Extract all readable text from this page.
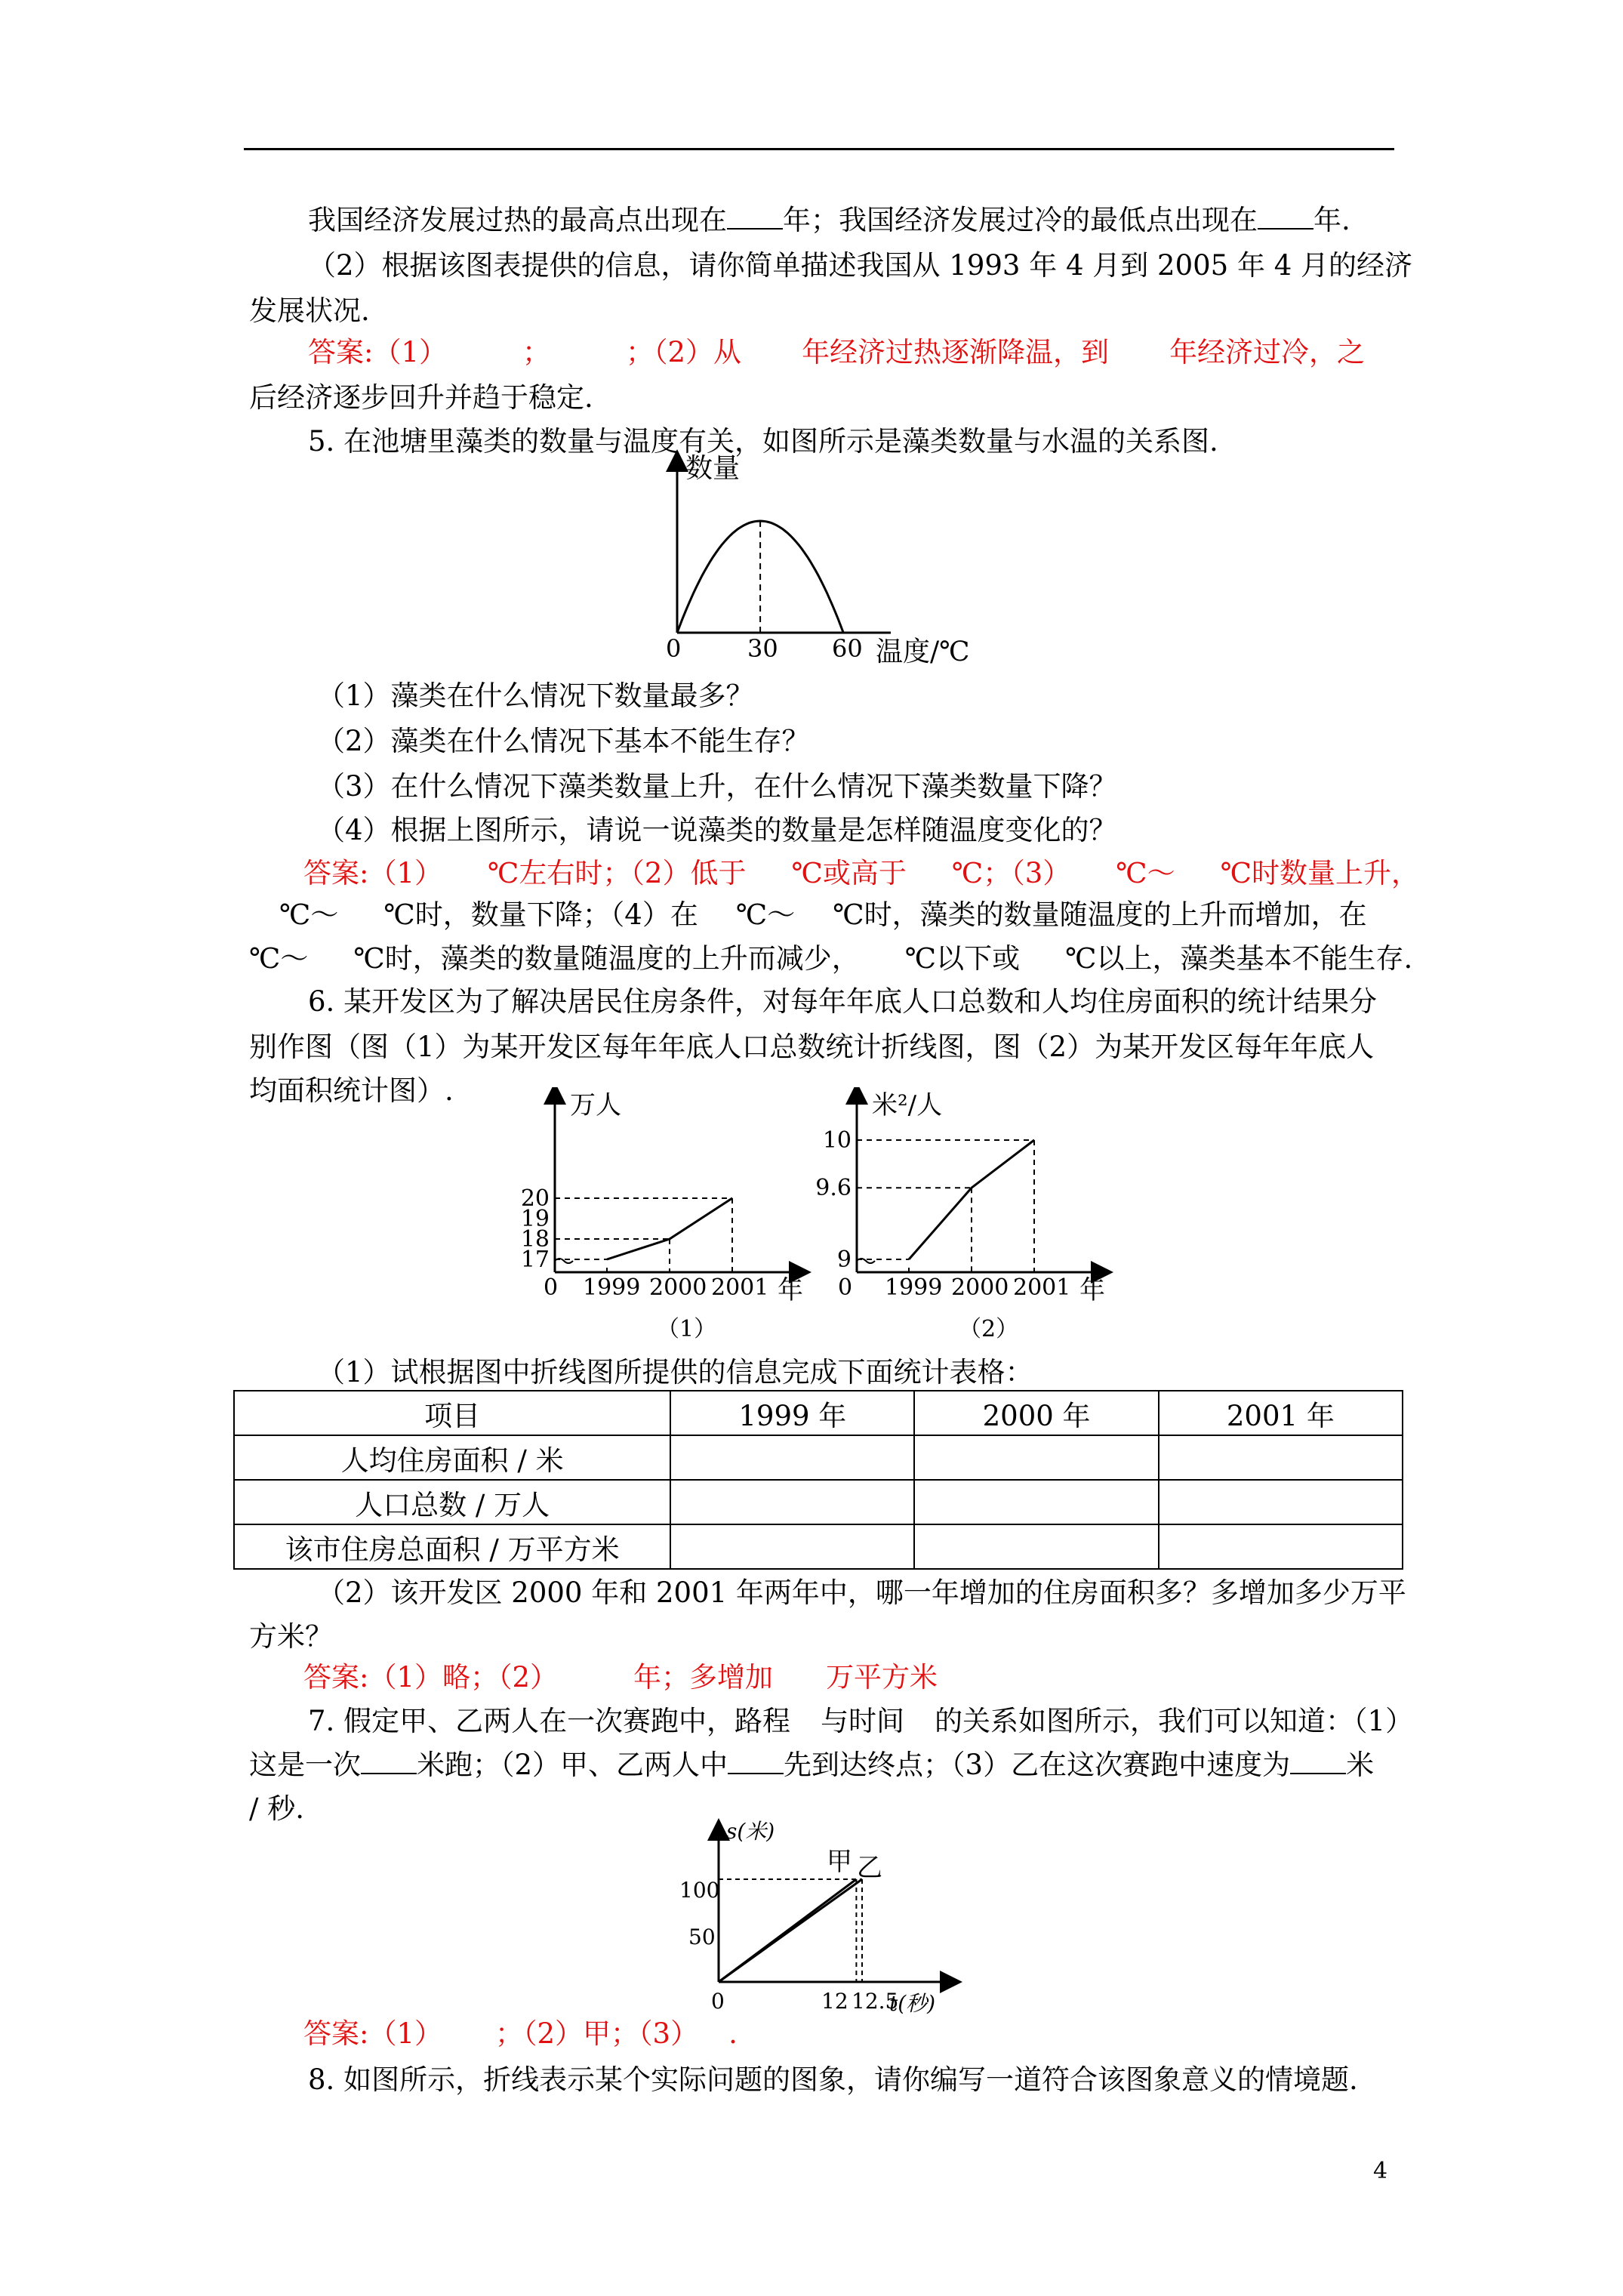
我国经济发展过热的最高点出现在 年；我国经济发展过冷的最低点出现在 年.
（2）根据该图表提供的信息，请你简单描述我国从 1993 年 4 月到 2005 年 4 月的经济
发展状况.
答案:（1）	；	；（2）从 年经济过热逐渐降温，到 年经济过冷，之
后经济逐步回升并趋于稳定.
5. 在池塘里藻类的数量与温度有关，如图所示是藻类数量与水温的关系图.
数量
0	30 60 温度/℃
（1）藻类在什么情况下数量最多？
（2）藻类在什么情况下基本不能生存？
（3）在什么情况下藻类数量上升，在什么情况下藻类数量下降？
（4）根据上图所示，请说一说藻类的数量是怎样随温度变化的？
答案:（1） ℃左右时；（2）低于 ℃或高于 ℃；（3） ℃～ ℃时数量上升，
℃～ ℃时，数量下降；（4）在 ℃～ ℃时，藻类的数量随温度的上升而增加，在
℃～ ℃时，藻类的数量随温度的上升而减少， ℃以下或 ℃以上，藻类基本不能生存.
6. 某开发区为了解决居民住房条件，对每年年底人口总数和人均住房面积的统计结果分
别作图（图（1）为某开发区每年年底人口总数统计折线图，图（2）为某开发区每年年底人
均面积统计图）.	万人
17
18
19
20
0 1999 2000 2001 年
（1）
米²/人
9
9.6
10
0 1999 2000 2001 年
（2）
（1）试根据图中折线图所提供的信息完成下面统计表格：
项目	1999 年	2000 年	2001 年
人均住房面积 / 米			
人口总数 / 万人			
该市住房总面积 / 万平方米			
（2）该开发区 2000 年和 2001 年两年中，哪一年增加的住房面积多？多增加多少万平
方米？
答案:（1）略；（2）	年；多增加 万平方米
7. 假定甲、乙两人在一次赛跑中，路程 与时间 的关系如图所示，我们可以知道：（1）
这是一次 米跑；（2）甲、乙两人中 先到达终点；（3）乙在这次赛跑中速度为 米
/ 秒.
s(米)
100
50
0	12 12.5
t(秒)
甲 乙
答案:（1） ；（2）甲；（3） .
8. 如图所示，折线表示某个实际问题的图象，请你编写一道符合该图象意义的情境题.
4
